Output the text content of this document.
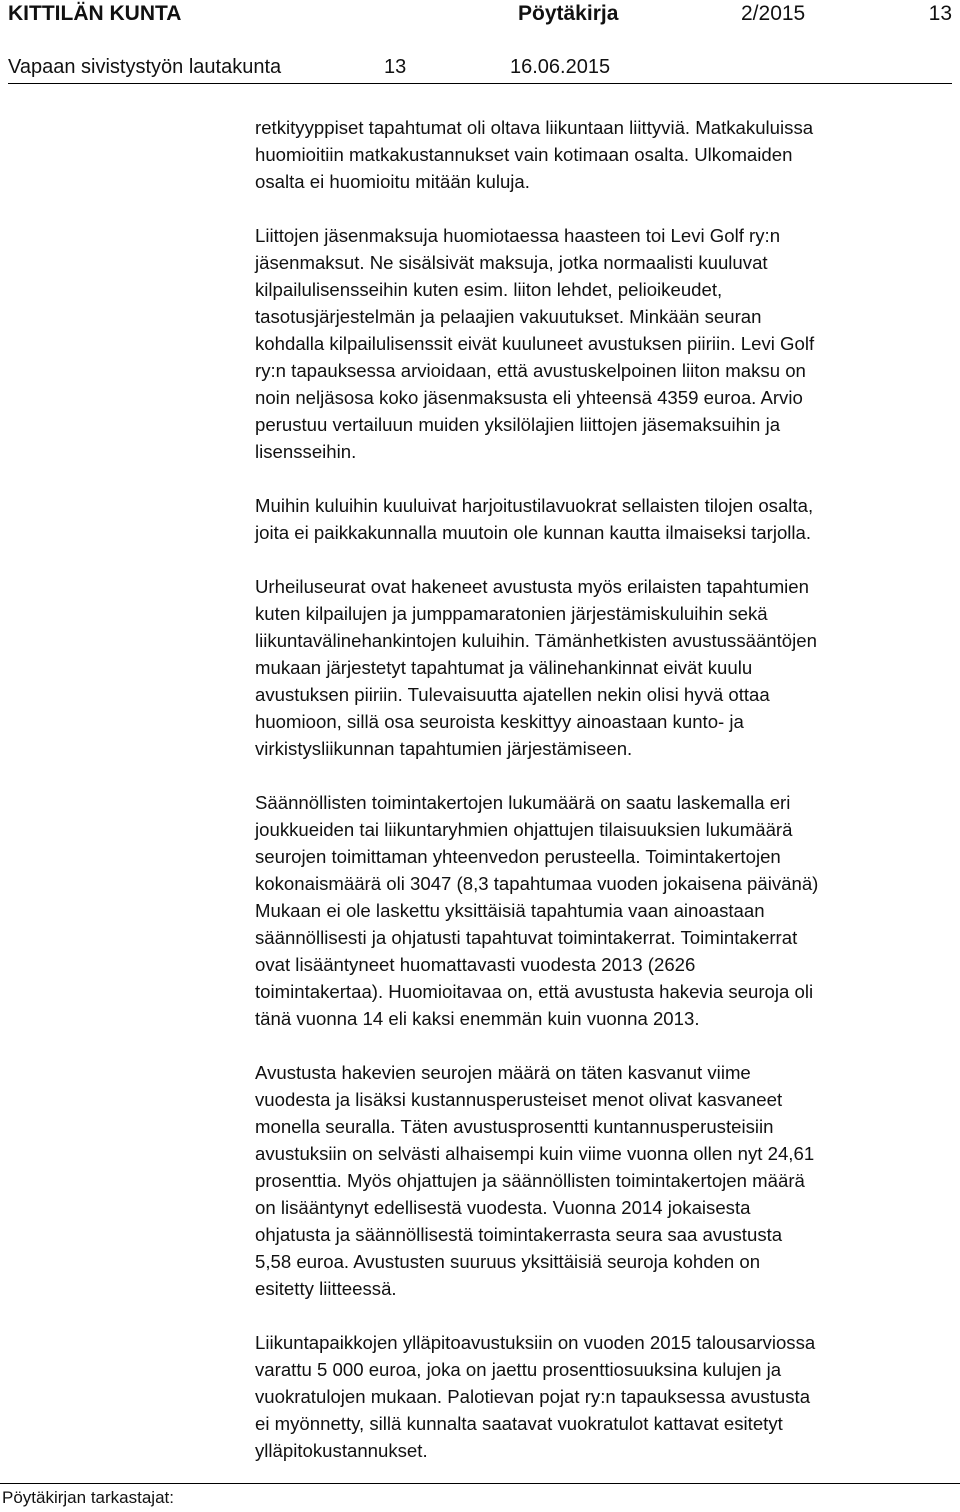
KITTILÄN KUNTA	Pöytäkirja	2/2015	13
Vapaan sivistystyön lautakunta	13	16.06.2015

retkityyppiset tapahtumat oli oltava liikuntaan liittyviä. Matkakuluissa
huomioitiin matkakustannukset vain kotimaan osalta. Ulkomaiden
osalta ei huomioitu mitään kuluja.

Liittojen jäsenmaksuja huomiotaessa haasteen toi Levi Golf ry:n
jäsenmaksut. Ne sisälsivät maksuja, jotka normaalisti kuuluvat
kilpailulisensseihin kuten esim. liiton lehdet, pelioikeudet,
tasotusjärjestelmän ja pelaajien vakuutukset. Minkään seuran
kohdalla kilpailulisenssit eivät kuuluneet avustuksen piiriin. Levi Golf
ry:n tapauksessa arvioidaan, että avustuskelpoinen liiton maksu on
noin neljäsosa koko jäsenmaksusta eli yhteensä 4359 euroa. Arvio
perustuu vertailuun muiden yksilölajien liittojen jäsemaksuihin ja
lisensseihin.

Muihin kuluihin kuuluivat harjoitustilavuokrat sellaisten tilojen osalta,
joita ei paikkakunnalla muutoin ole kunnan kautta ilmaiseksi tarjolla.

Urheiluseurat ovat hakeneet avustusta myös erilaisten tapahtumien
kuten kilpailujen ja jumppamaratonien järjestämiskuluihin sekä
liikuntavälinehankintojen kuluihin. Tämänhetkisten avustussääntöjen
mukaan järjestetyt tapahtumat ja välinehankinnat eivät kuulu
avustuksen piiriin. Tulevaisuutta ajatellen nekin olisi hyvä ottaa
huomioon, sillä osa seuroista keskittyy ainoastaan kunto- ja
virkistysliikunnan tapahtumien järjestämiseen.

Säännöllisten toimintakertojen lukumäärä on saatu laskemalla eri
joukkueiden tai liikuntaryhmien ohjattujen tilaisuuksien lukumäärä
seurojen toimittaman yhteenvedon perusteella. Toimintakertojen
kokonaismäärä oli 3047 (8,3 tapahtumaa vuoden jokaisena päivänä)
Mukaan ei ole laskettu yksittäisiä tapahtumia vaan ainoastaan
säännöllisesti ja ohjatusti tapahtuvat toimintakerrat. Toimintakerrat
ovat lisääntyneet huomattavasti vuodesta 2013 (2626
toimintakertaa). Huomioitavaa on, että avustusta hakevia seuroja oli
tänä vuonna 14 eli kaksi enemmän kuin vuonna 2013.

Avustusta hakevien seurojen määrä on täten kasvanut viime
vuodesta ja lisäksi kustannusperusteiset menot olivat kasvaneet
monella seuralla. Täten avustusprosentti kuntannusperusteisiin
avustuksiin on selvästi alhaisempi kuin viime vuonna ollen nyt 24,61
prosenttia. Myös ohjattujen ja säännöllisten toimintakertojen määrä
on lisääntynyt edellisestä vuodesta. Vuonna 2014 jokaisesta
ohjatusta ja säännöllisestä toimintakerrasta seura saa avustusta
5,58 euroa. Avustusten suuruus yksittäisiä seuroja kohden on
esitetty liitteessä.

Liikuntapaikkojen ylläpitoavustuksiin on vuoden 2015 talousarviossa
varattu 5 000 euroa, joka on jaettu prosenttiosuuksina kulujen ja
vuokratulojen mukaan. Palotievan pojat ry:n tapauksessa avustusta
ei myönnetty, sillä kunnalta saatavat vuokratulot kattavat esitetyt
ylläpitokustannukset.

Pöytäkirjan tarkastajat:
